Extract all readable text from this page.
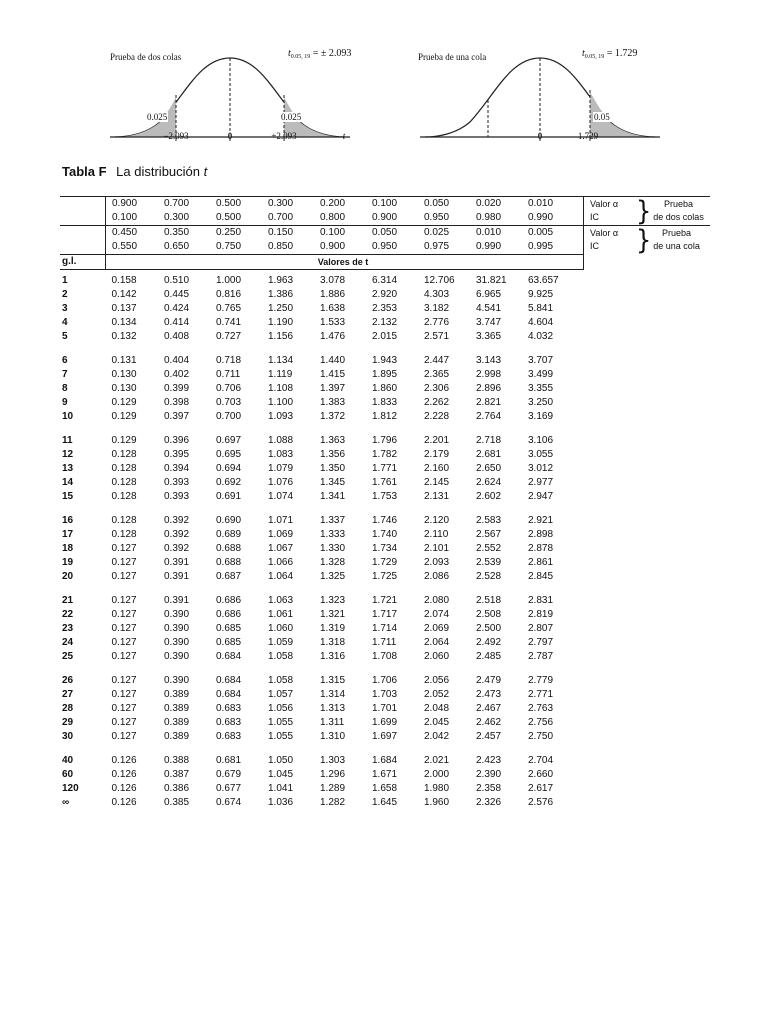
Prueba de dos colas	$t_{0.05, 19}$ = ± 2.093
0.025	0.025
−2.093	0	+2.093	t
Prueba de una cola	$t_{0.05, 19} = 1.729$
0.05
0	1.729
Tabla F La distribución t
	0.900	0.700	0.500	0.300	0.200	0.100	0.050	0.020	0.010		Valor α
IC } Prueba
de dos colas

	0.100	0.300	0.500	0.700	0.800	0.900	0.950	0.980	0.990		
	0.450	0.350	0.250	0.150	0.100	0.050	0.025	0.010	0.005		Valor α
IC } Prueba
de una cola

	0.550	0.650	0.750	0.850	0.900	0.950	0.975	0.990	0.995		
g.l.	Valores de t										

1	0.158	0.510	1.000	1.963	3.078	6.314	12.706	31.821	63.657		
2	0.142	0.445	0.816	1.386	1.886	2.920	4.303	6.965	9.925		
3	0.137	0.424	0.765	1.250	1.638	2.353	3.182	4.541	5.841		
4	0.134	0.414	0.741	1.190	1.533	2.132	2.776	3.747	4.604		
5	0.132	0.408	0.727	1.156	1.476	2.015	2.571	3.365	4.032		

6	0.131	0.404	0.718	1.134	1.440	1.943	2.447	3.143	3.707		
7	0.130	0.402	0.711	1.119	1.415	1.895	2.365	2.998	3.499		
8	0.130	0.399	0.706	1.108	1.397	1.860	2.306	2.896	3.355		
9	0.129	0.398	0.703	1.100	1.383	1.833	2.262	2.821	3.250		
10	0.129	0.397	0.700	1.093	1.372	1.812	2.228	2.764	3.169		

11	0.129	0.396	0.697	1.088	1.363	1.796	2.201	2.718	3.106		
12	0.128	0.395	0.695	1.083	1.356	1.782	2.179	2.681	3.055		
13	0.128	0.394	0.694	1.079	1.350	1.771	2.160	2.650	3.012		
14	0.128	0.393	0.692	1.076	1.345	1.761	2.145	2.624	2.977		
15	0.128	0.393	0.691	1.074	1.341	1.753	2.131	2.602	2.947		

16	0.128	0.392	0.690	1.071	1.337	1.746	2.120	2.583	2.921		
17	0.128	0.392	0.689	1.069	1.333	1.740	2.110	2.567	2.898		
18	0.127	0.392	0.688	1.067	1.330	1.734	2.101	2.552	2.878		
19	0.127	0.391	0.688	1.066	1.328	1.729	2.093	2.539	2.861		
20	0.127	0.391	0.687	1.064	1.325	1.725	2.086	2.528	2.845		

21	0.127	0.391	0.686	1.063	1.323	1.721	2.080	2.518	2.831		
22	0.127	0.390	0.686	1.061	1.321	1.717	2.074	2.508	2.819		
23	0.127	0.390	0.685	1.060	1.319	1.714	2.069	2.500	2.807		
24	0.127	0.390	0.685	1.059	1.318	1.711	2.064	2.492	2.797		
25	0.127	0.390	0.684	1.058	1.316	1.708	2.060	2.485	2.787		

26	0.127	0.390	0.684	1.058	1.315	1.706	2.056	2.479	2.779		
27	0.127	0.389	0.684	1.057	1.314	1.703	2.052	2.473	2.771		
28	0.127	0.389	0.683	1.056	1.313	1.701	2.048	2.467	2.763		
29	0.127	0.389	0.683	1.055	1.311	1.699	2.045	2.462	2.756		
30	0.127	0.389	0.683	1.055	1.310	1.697	2.042	2.457	2.750		

40	0.126	0.388	0.681	1.050	1.303	1.684	2.021	2.423	2.704		
60	0.126	0.387	0.679	1.045	1.296	1.671	2.000	2.390	2.660		
120	0.126	0.386	0.677	1.041	1.289	1.658	1.980	2.358	2.617		
∞	0.126	0.385	0.674	1.036	1.282	1.645	1.960	2.326	2.576		
